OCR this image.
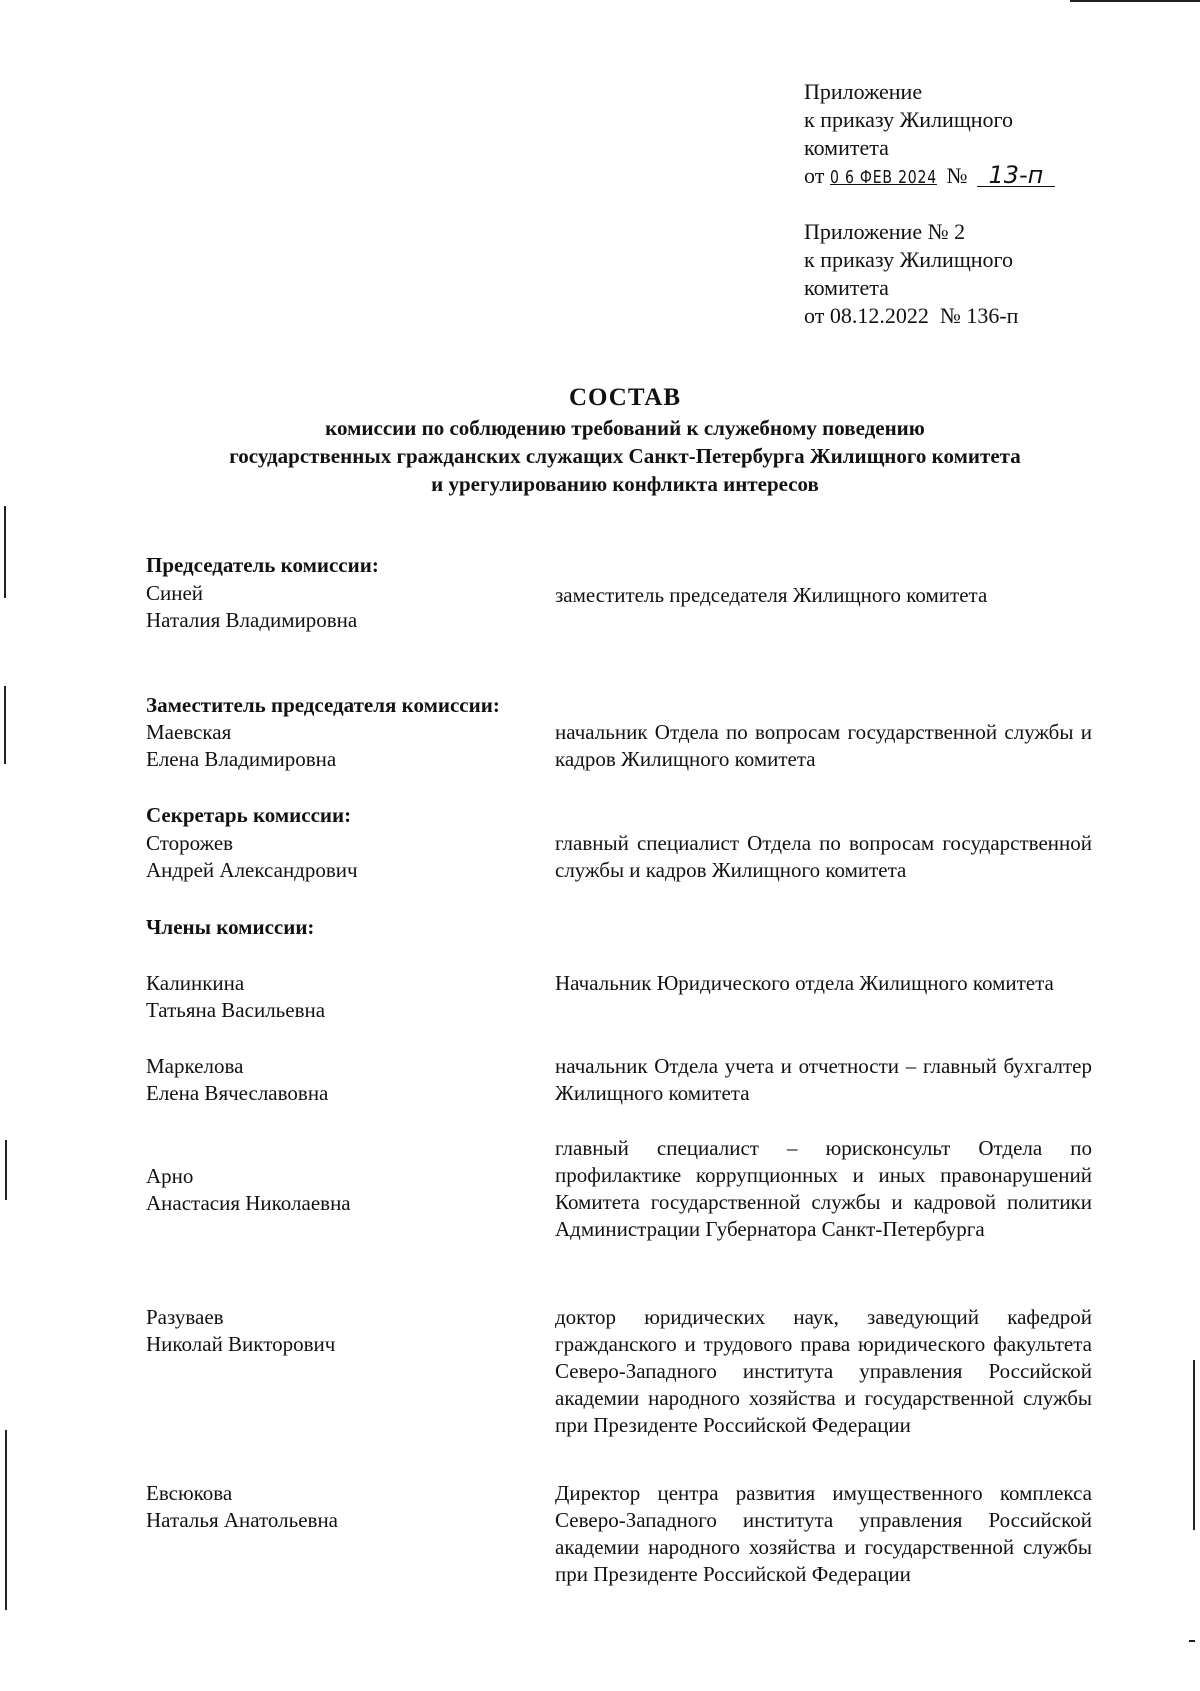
Приложение
к приказу Жилищного
комитета
от 0 6 ФЕВ 2024 № 13-п
Приложение № 2
к приказу Жилищного
комитета
от 08.12.2022  № 136-п
СОСТАВ
комиссии по соблюдению требований к служебному поведению
государственных гражданских служащих Санкт-Петербурга Жилищного комитета
и урегулированию конфликта интересов
Председатель комиссии:
Синей
Наталия Владимировна
заместитель председателя Жилищного комитета
Заместитель председателя комиссии:
Маевская
Елена Владимировна
начальник Отдела по вопросам государственной службы и кадров Жилищного комитета
Секретарь комиссии:
Сторожев
Андрей Александрович
главный специалист Отдела по вопросам государственной службы и кадров Жилищного комитета
Члены комиссии:
Калинкина
Татьяна Васильевна
Начальник Юридического отдела Жилищного комитета
Маркелова
Елена Вячеславовна
начальник Отдела учета и отчетности – главный бухгалтер Жилищного комитета
Арно
Анастасия Николаевна
главный специалист – юрисконсульт Отдела по профилактике коррупционных и иных правонарушений Комитета государственной службы и кадровой политики Администрации Губернатора Санкт-Петербурга
Разуваев
Николай Викторович
доктор юридических наук, заведующий кафедрой гражданского и трудового права юридического факультета Северо-Западного института управления Российской академии народного хозяйства и государственной службы при Президенте Российской Федерации
Евсюкова
Наталья Анатольевна
Директор центра развития имущественного комплекса Северо-Западного института управления Российской академии народного хозяйства и государственной службы при Президенте Российской Федерации
